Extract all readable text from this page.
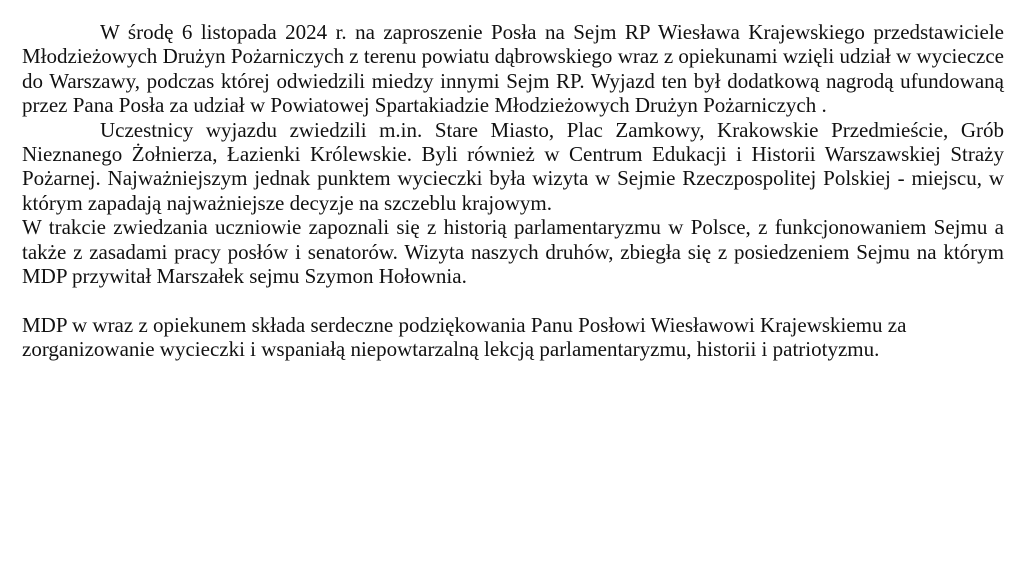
W środę 6 listopada 2024 r. na zaproszenie Posła na Sejm RP Wiesława Krajewskiego przedstawiciele Młodzieżowych Drużyn Pożarniczych z terenu powiatu dąbrowskiego wraz z opiekunami wzięli udział w wycieczce do Warszawy, podczas której odwiedzili miedzy innymi Sejm RP. Wyjazd ten był dodatkową nagrodą ufundowaną przez Pana Posła za udział w Powiatowej Spartakiadzie Młodzieżowych Drużyn Pożarniczych .

Uczestnicy wyjazdu zwiedzili m.in. Stare Miasto, Plac Zamkowy, Krakowskie Przedmieście, Grób Nieznanego Żołnierza, Łazienki Królewskie. Byli również w Centrum Edukacji i Historii Warszawskiej Straży Pożarnej. Najważniejszym jednak punktem wycieczki była wizyta w Sejmie Rzeczpospolitej Polskiej - miejscu, w którym zapadają najważniejsze decyzje na szczeblu krajowym.

W trakcie zwiedzania uczniowie zapoznali się z historią parlamentaryzmu w Polsce, z funkcjonowaniem Sejmu a także z zasadami pracy posłów i senatorów. Wizyta naszych druhów, zbiegła się z posiedzeniem Sejmu na którym MDP przywitał Marszałek sejmu Szymon Hołownia.

MDP w wraz z opiekunem składa serdeczne podziękowania Panu Posłowi Wiesławowi Krajewskiemu za zorganizowanie wycieczki i wspaniałą niepowtarzalną lekcją parlamentaryzmu, historii i patriotyzmu.
